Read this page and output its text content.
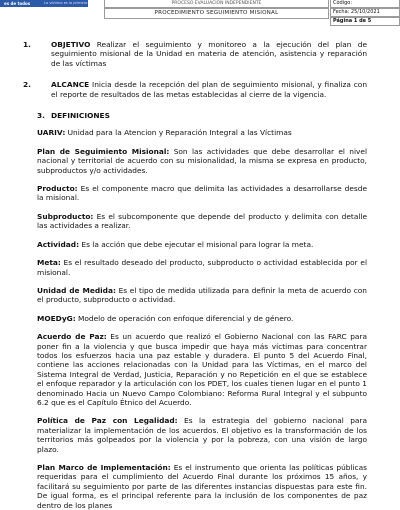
es de todos	La víctima es lo primero	PROCESO EVALUACIÓN INDEPENDIENTE
PROCEDIMIENTO SEGUIMIENTO MISIONAL
Código:
Fecha: 25/10/2021
Página 1 de 5

1.	OBJETIVO Realizar el seguimiento y monitoreo a la ejecución del plan de seguimiento misional de la Unidad en materia de atención, asistencia y reparación de las víctimas

2.	ALCANCE Inicia desde la recepción del plan de seguimiento misional, y finaliza con el reporte de resultados de las metas establecidas al cierre de la vigencia.

3. DEFINICIONES

UARIV: Unidad para la Atencion y Reparación Integral a las Víctimas

Plan de Seguimiento Misional: Son las actividades que debe desarrollar el nivel nacional y territorial de acuerdo con su misionalidad, la misma se expresa en producto, subproductos y/o actividades.

Producto: Es el componente macro que delimita las actividades a desarrollarse desde la misional.

Subproducto: Es el subcomponente que depende del producto y delimita con detalle las actividades a realizar.

Actividad: Es la acción que debe ejecutar el misional para lograr la meta.

Meta: Es el resultado deseado del producto, subproducto o actividad establecida por el misional.

Unidad de Medida: Es el tipo de medida utilizada para definir la meta de acuerdo con el producto, subproducto o actividad.

MOEDyG: Modelo de operación con enfoque diferencial y de género.

Acuerdo de Paz: Es un acuerdo que realizó el Gobierno Nacional con las FARC para poner fin a la violencia y que busca impedir que haya más víctimas para concentrar todos los esfuerzos hacia una paz estable y duradera. El punto 5 del Acuerdo Final, contiene las acciones relacionadas con la Unidad para las Víctimas, en el marco del Sistema Integral de Verdad, Justicia, Reparación y no Repetición en el que se establece el enfoque reparador y la articulación con los PDET, los cuales tienen lugar en el punto 1 denominado Hacia un Nuevo Campo Colombiano: Reforma Rural Integral y el subpunto 6.2 que es el Capítulo Étnico del Acuerdo.

Política de Paz con Legalidad: Es la estrategia del gobierno nacional para materializar la implementación de los acuerdos. El objetivo es la transformación de los territorios más golpeados por la violencia y por la pobreza, con una visión de largo plazo.

Plan Marco de Implementación: Es el instrumento que orienta las políticas públicas requeridas para el cumplimiento del Acuerdo Final durante los próximos 15 años, y facilitará su seguimiento por parte de las diferentes instancias dispuestas para este fin. De igual forma, es el principal referente para la inclusión de los componentes de paz dentro de los planes
